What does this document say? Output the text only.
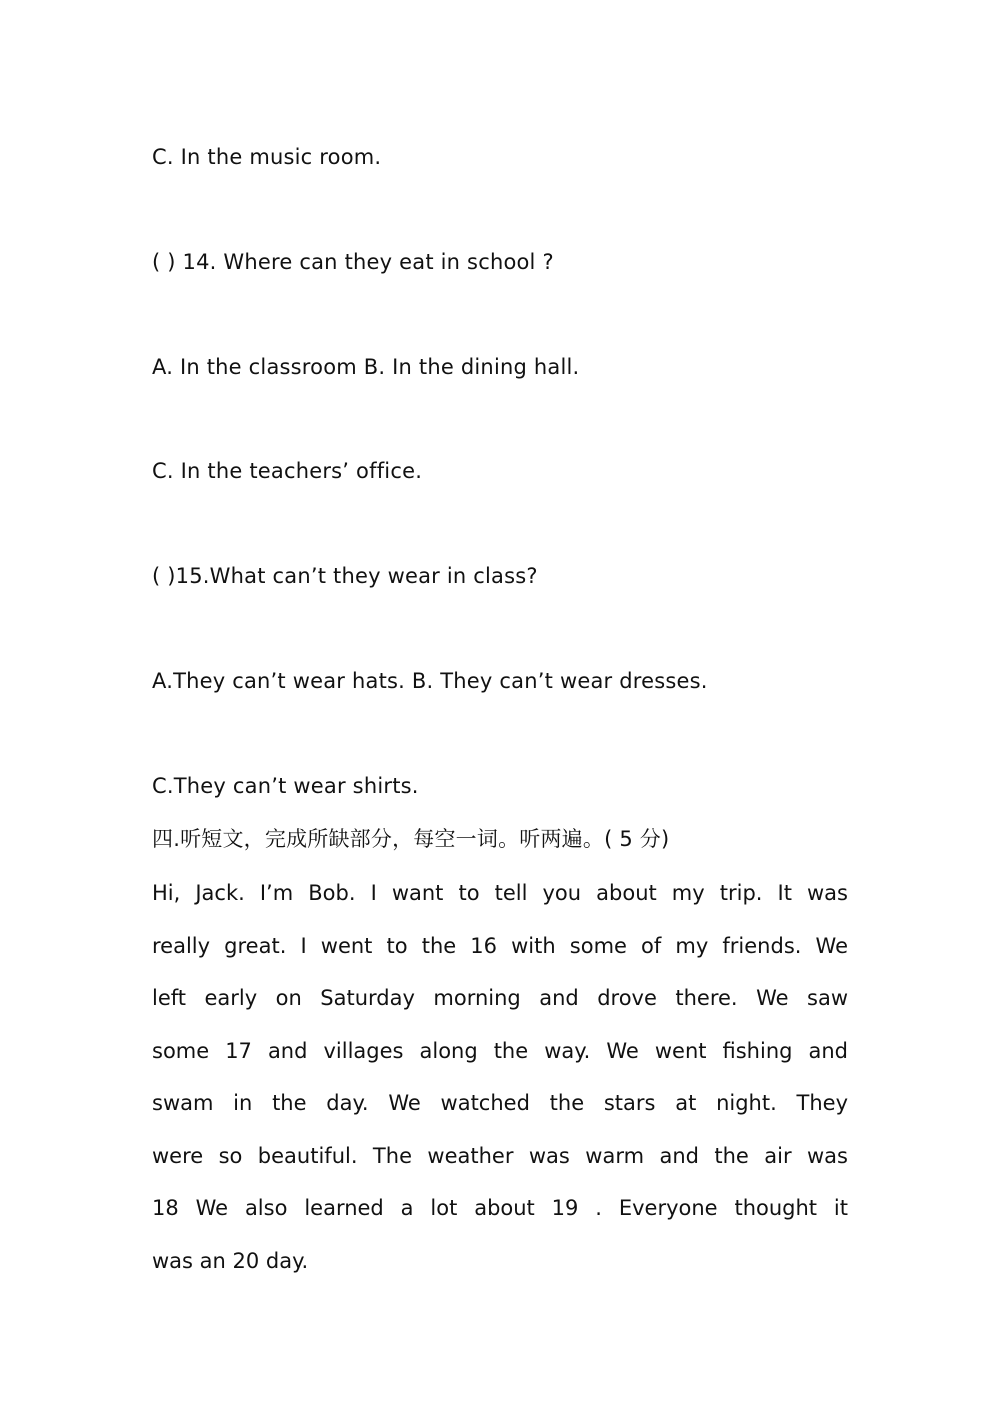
C. In the music room.
( ) 14. Where can they eat in school ?
A. In the classroom B. In the dining hall.
C. In the teachers’ office.
( )15.What can’t they wear in class?
A.They can’t wear hats. B. They can’t wear dresses.
C.They can’t wear shirts.
四.听短文，完成所缺部分，每空一词。听两遍。( 5 分)
Hi, Jack. I’m Bob. I want to tell you about my trip. It was
really great. I went to the 16 with some of my friends. We
left early on Saturday morning and drove there. We saw
some 17 and villages along the way. We went fishing and
swam in the day. We watched the stars at night. They
were so beautiful. The weather was warm and the air was
18 We also learned a lot about 19 . Everyone thought it
was an 20 day.
